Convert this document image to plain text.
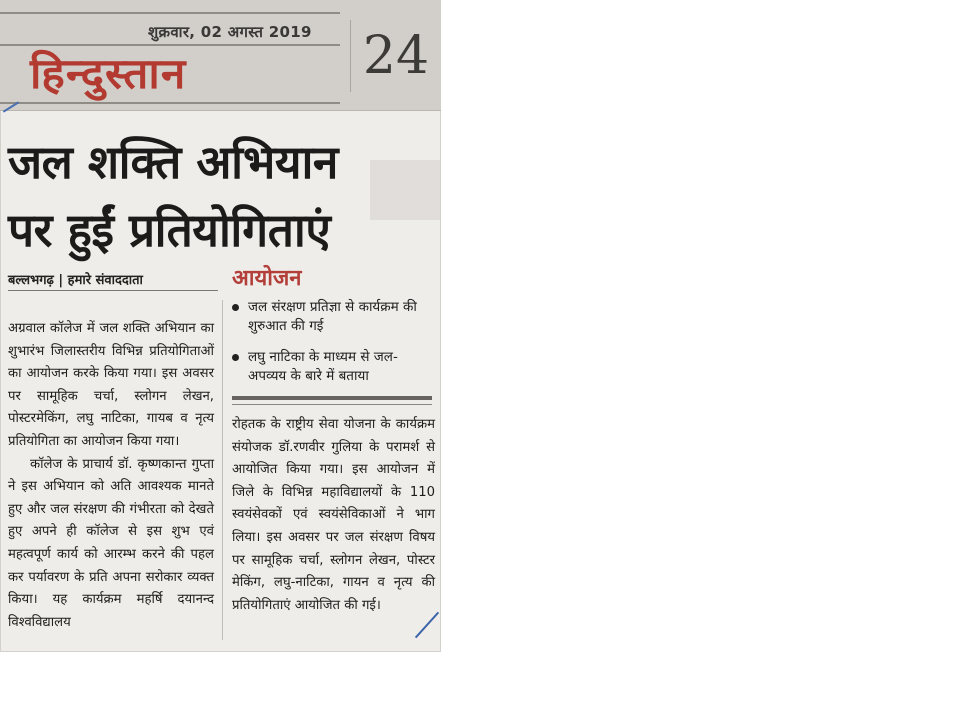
शुक्रवार, 02 अगस्त 2019
हिन्दुस्तान	24
जल शक्ति अभियान
पर हुईं प्रतियोगिताएं
बल्लभगढ़ | हमारे संवाददाता	आयोजन
जल संरक्षण प्रतिज्ञा से कार्यक्रम की शुरुआत की गई
लघु नाटिका के माध्यम से जल-अपव्यय के बारे में बताया

अग्रवाल कॉलेज में जल शक्ति अभियान का शुभारंभ जिलास्तरीय विभिन्न प्रतियोगिताओं का आयोजन करके किया गया। इस अवसर पर सामूहिक चर्चा, स्लोगन लेखन, पोस्टरमेकिंग, लघु नाटिका, गायब व नृत्य प्रतियोगिता का आयोजन किया गया।

कॉलेज के प्राचार्य डॉ. कृष्णकान्त गुप्ता ने इस अभियान को अति आवश्यक मानते हुए और जल संरक्षण की गंभीरता को देखते हुए अपने ही कॉलेज से इस शुभ एवं महत्वपूर्ण कार्य को आरम्भ करने की पहल कर पर्यावरण के प्रति अपना सरोकार व्यक्त किया। यह कार्यक्रम महर्षि दयानन्द विश्वविद्यालय

रोहतक के राष्ट्रीय सेवा योजना के कार्यक्रम संयोजक डॉ.रणवीर गुलिया के परामर्श से आयोजित किया गया। इस आयोजन में जिले के विभिन्न महाविद्यालयों के 110 स्वयंसेवकों एवं स्वयंसेविकाओं ने भाग लिया। इस अवसर पर जल संरक्षण विषय पर सामूहिक चर्चा, स्लोगन लेखन, पोस्टर मेकिंग, लघु-नाटिका, गायन व नृत्य की प्रतियोगिताएं आयोजित की गई।
